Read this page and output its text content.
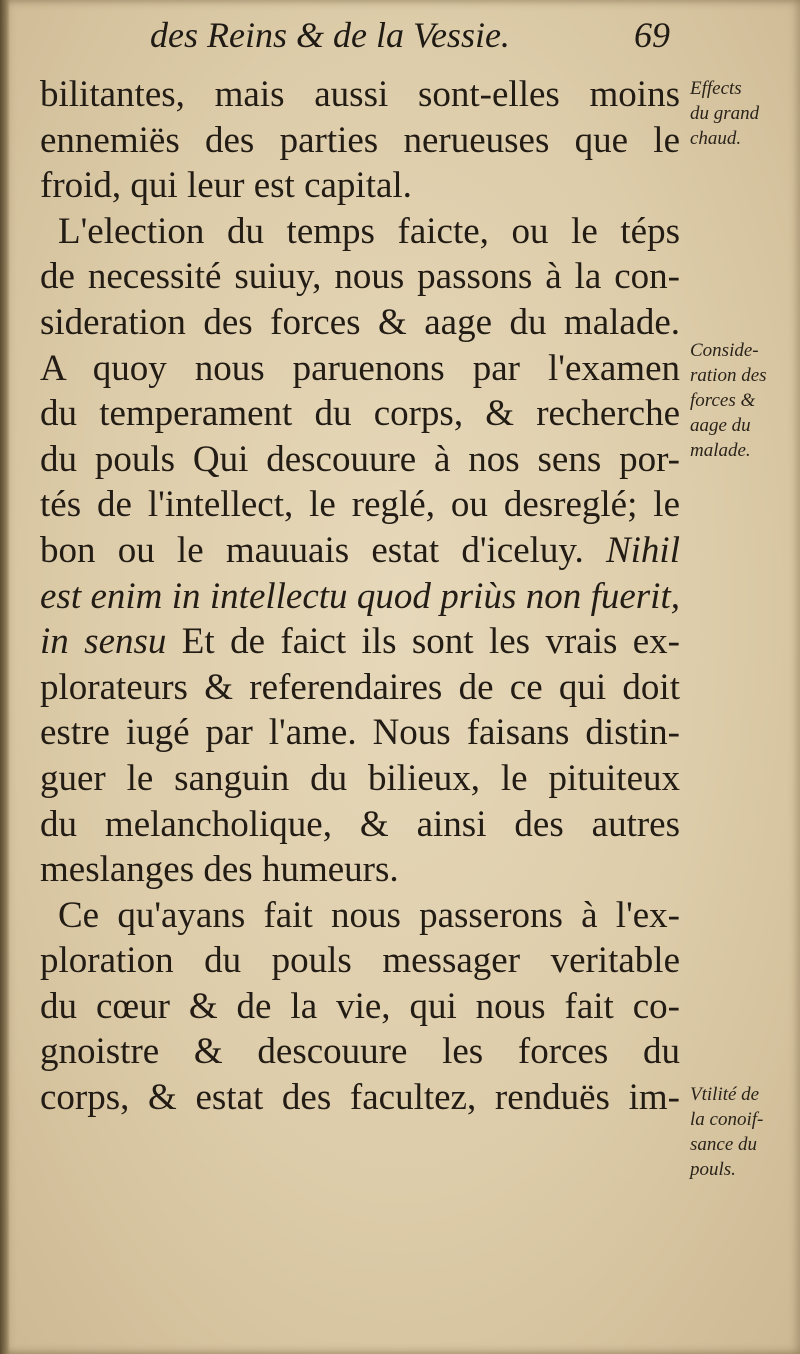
des Reins & de la Vessie.	69
bilitantes, mais aussi sont-elles moins
ennemiës des parties nerueuses que le
froid, qui leur est capital.
L'election du temps faicte, ou le téps
de necessité suiuy, nous passons à la con-
sideration des forces & aage du malade.
A quoy nous paruenons par l'examen
du temperament du corps, & recherche
du pouls Qui descouure à nos sens por-
tés de l'intellect, le reglé, ou desreglé; le
bon ou le mauuais estat d'iceluy. Nihil
est enim in intellectu quod priùs non fuerit,
in sensu Et de faict ils sont les vrais ex-
plorateurs & referendaires de ce qui doit
estre iugé par l'ame. Nous faisans distin-
guer le sanguin du bilieux, le pituiteux
du melancholique, & ainsi des autres
meslanges des humeurs.
Ce qu'ayans fait nous passerons à l'ex-
ploration du pouls messager veritable
du cœur & de la vie, qui nous fait co-
gnoistre & descouure les forces du
corps, & estat des facultez, renduës im-
Effects
du grand
chaud.
Conside-
ration des
forces &
aage du
malade.
Vtilité de
la conoif-
sance du
pouls.
